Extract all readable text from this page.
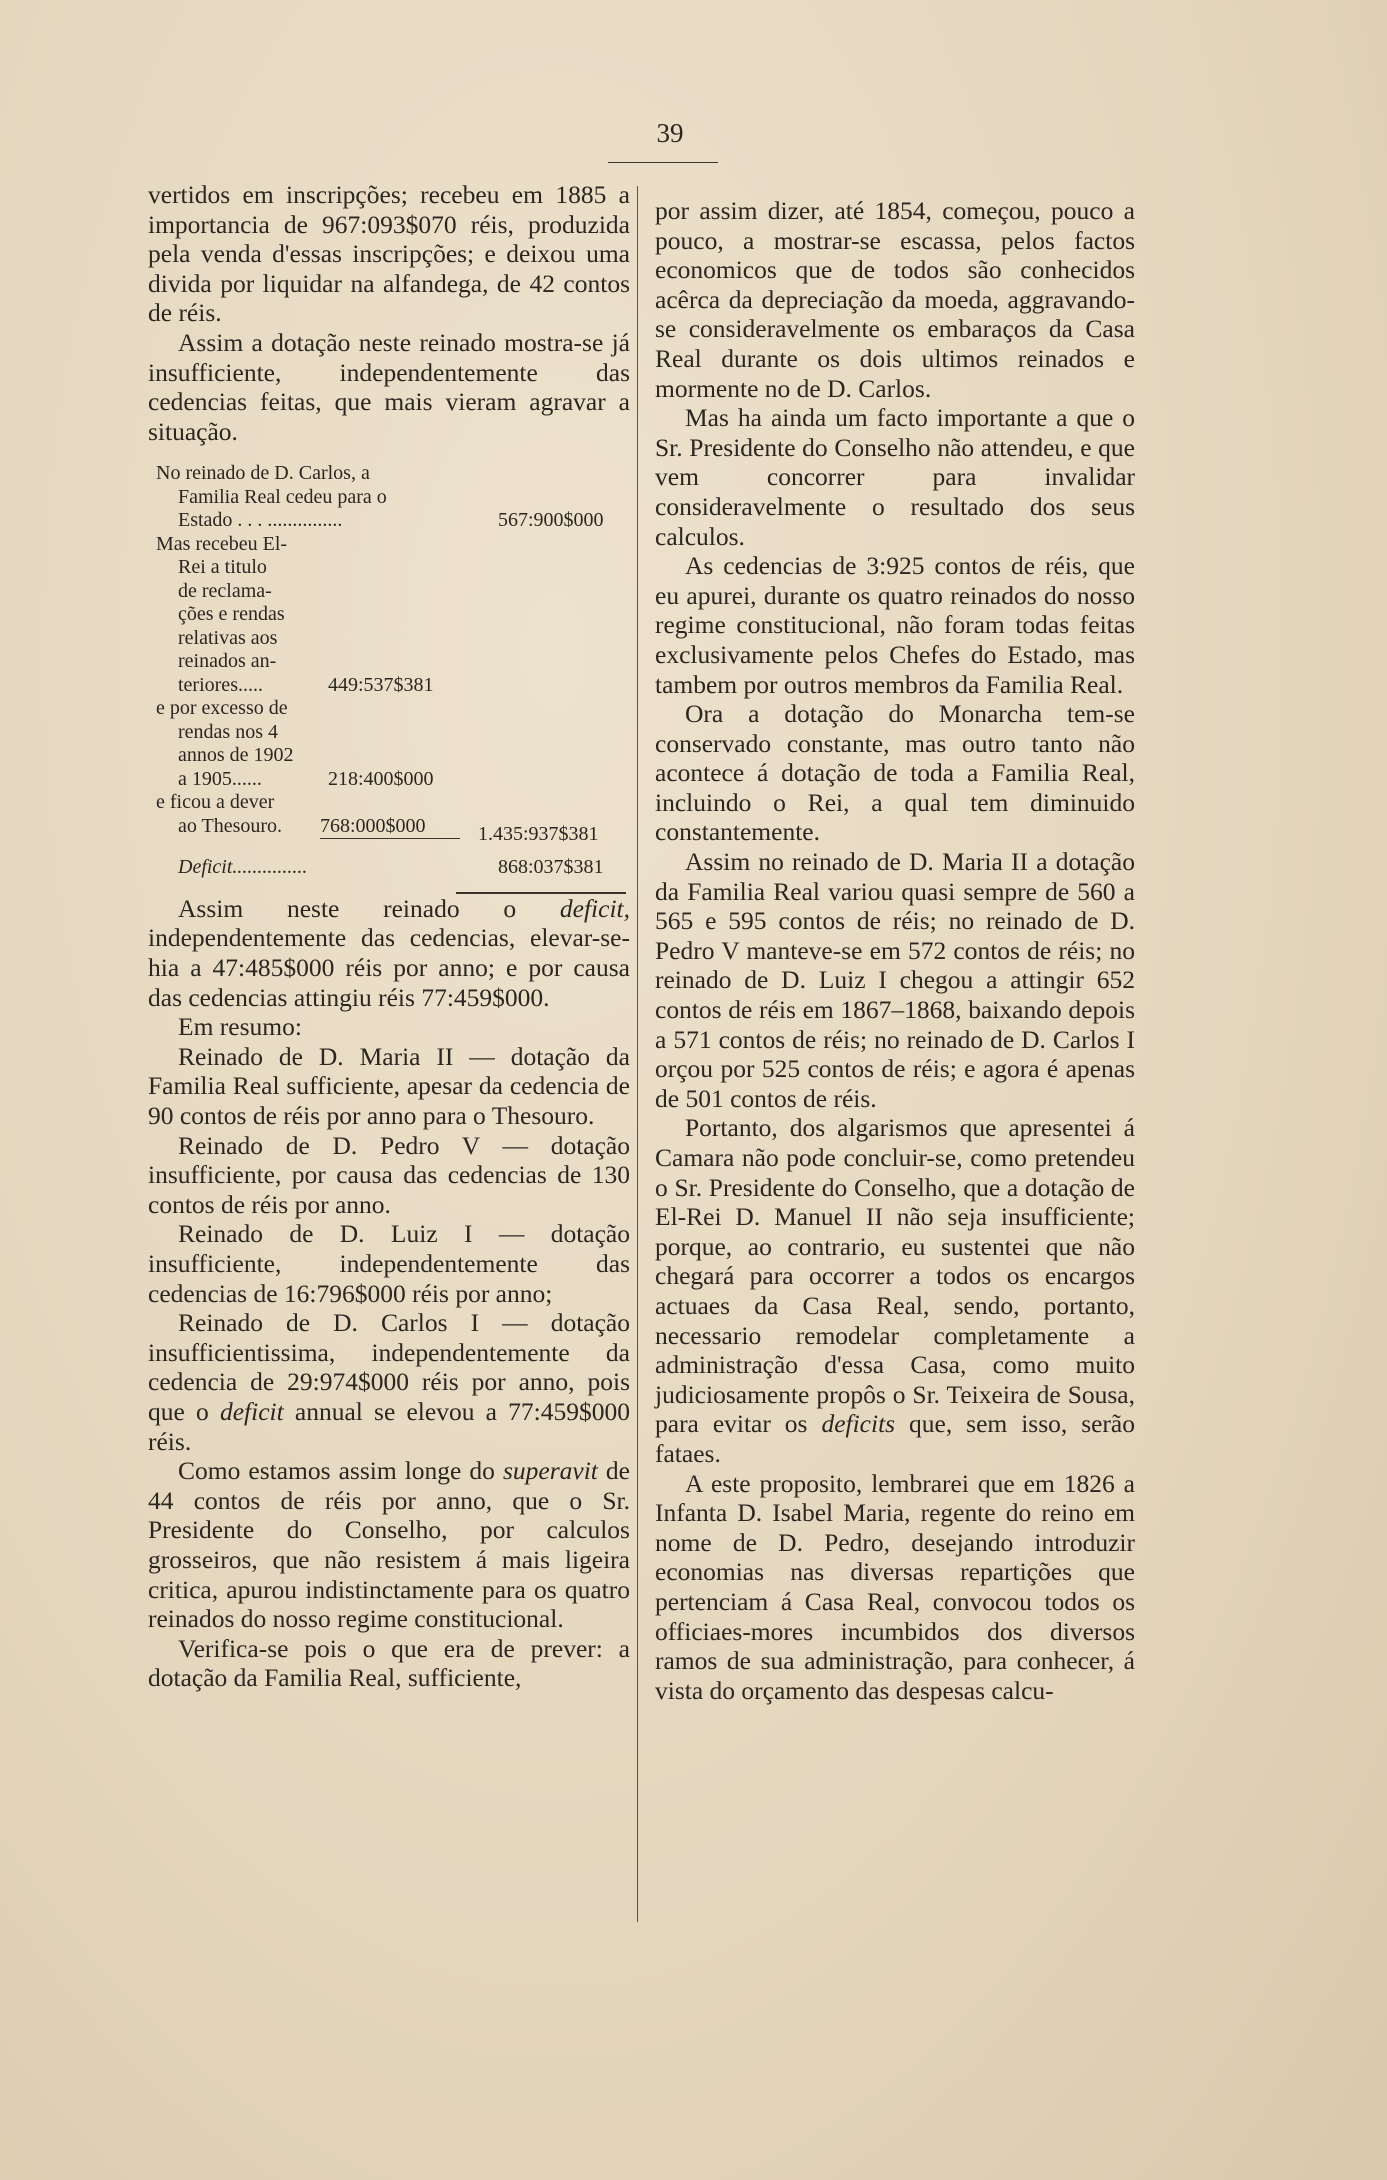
39

vertidos em inscripções; recebeu em 1885 a importancia de 967:093$070 réis, produzida pela venda d'essas inscripções; e deixou uma divida por liquidar na alfandega, de 42 contos de réis.

Assim a dotação neste reinado mostra-se já insufficiente, independentemente das cedencias feitas, que mais vieram agravar a situação.

No reinado de D. Carlos, a
Familia Real cedeu para o
Estado . . . ...............	567:900$000
Mas recebeu El-
Rei a titulo
de reclama-
ções e rendas
relativas aos
reinados an-
teriores.....	449:537$381
e por excesso de
rendas nos 4
annos de 1902
a 1905......	218:400$000
e ficou a dever
ao Thesouro. 768:000$000	1.435:937$381
Deficit...............	868:037$381

Assim neste reinado o deficit, independentemente das cedencias, elevar-se-hia a 47:485$000 réis por anno; e por causa das cedencias attingiu réis 77:459$000.

Em resumo:

Reinado de D. Maria II — dotação da Familia Real sufficiente, apesar da cedencia de 90 contos de réis por anno para o Thesouro.

Reinado de D. Pedro V — dotação insufficiente, por causa das cedencias de 130 contos de réis por anno.

Reinado de D. Luiz I — dotação insufficiente, independentemente das cedencias de 16:796$000 réis por anno;

Reinado de D. Carlos I — dotação insufficientissima, independentemente da cedencia de 29:974$000 réis por anno, pois que o deficit annual se elevou a 77:459$000 réis.

Como estamos assim longe do superavit de 44 contos de réis por anno, que o Sr. Presidente do Conselho, por calculos grosseiros, que não resistem á mais ligeira critica, apurou indistinctamente para os quatro reinados do nosso regime constitucional.

Verifica-se pois o que era de prever: a dotação da Familia Real, sufficiente,

por assim dizer, até 1854, começou, pouco a pouco, a mostrar-se escassa, pelos factos economicos que de todos são conhecidos acêrca da depreciação da moeda, aggravando-se consideravelmente os embaraços da Casa Real durante os dois ultimos reinados e mormente no de D. Carlos.

Mas ha ainda um facto importante a que o Sr. Presidente do Conselho não attendeu, e que vem concorrer para invalidar consideravelmente o resultado dos seus calculos.

As cedencias de 3:925 contos de réis, que eu apurei, durante os quatro reinados do nosso regime constitucional, não foram todas feitas exclusivamente pelos Chefes do Estado, mas tambem por outros membros da Familia Real.

Ora a dotação do Monarcha tem-se conservado constante, mas outro tanto não acontece á dotação de toda a Familia Real, incluindo o Rei, a qual tem diminuido constantemente.

Assim no reinado de D. Maria II a dotação da Familia Real variou quasi sempre de 560 a 565 e 595 contos de réis; no reinado de D. Pedro V manteve-se em 572 contos de réis; no reinado de D. Luiz I chegou a attingir 652 contos de réis em 1867–1868, baixando depois a 571 contos de réis; no reinado de D. Carlos I orçou por 525 contos de réis; e agora é apenas de 501 contos de réis.

Portanto, dos algarismos que apresentei á Camara não pode concluir-se, como pretendeu o Sr. Presidente do Conselho, que a dotação de El-Rei D. Manuel II não seja insufficiente; porque, ao contrario, eu sustentei que não chegará para occorrer a todos os encargos actuaes da Casa Real, sendo, portanto, necessario remodelar completamente a administração d'essa Casa, como muito judiciosamente propôs o Sr. Teixeira de Sousa, para evitar os deficits que, sem isso, serão fataes.

A este proposito, lembrarei que em 1826 a Infanta D. Isabel Maria, regente do reino em nome de D. Pedro, desejando introduzir economias nas diversas repartições que pertenciam á Casa Real, convocou todos os officiaes-mores incumbidos dos diversos ramos de sua administração, para conhecer, á vista do orçamento das despesas calcu-
